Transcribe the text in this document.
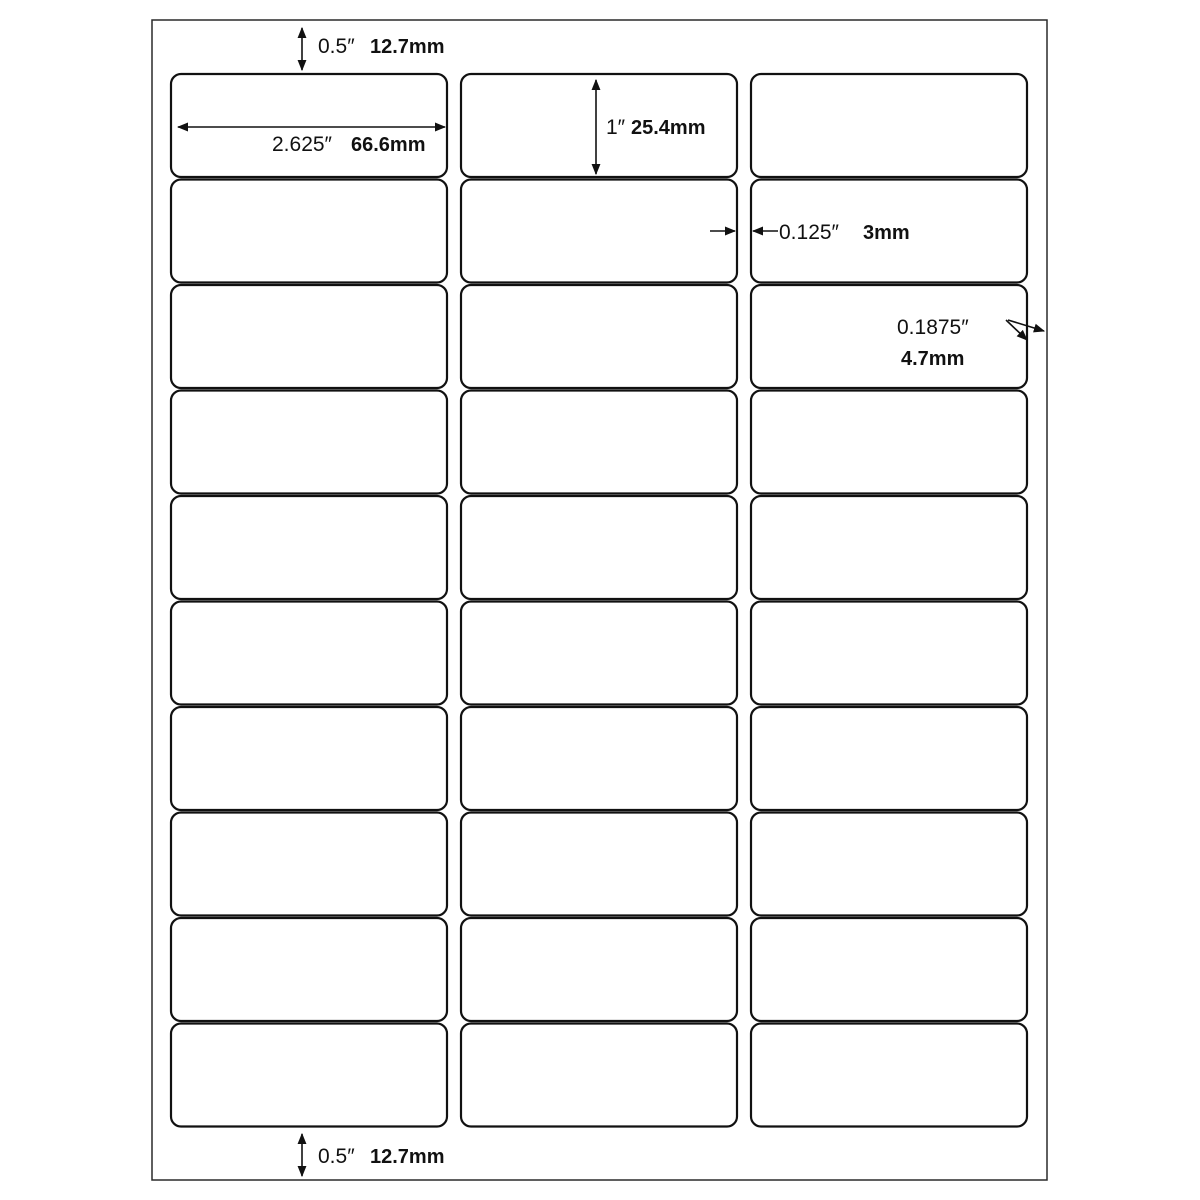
0.5″ 12.7mm
2.625″ 66.6mm
1″ 25.4mm
0.125″ 3mm
0.1875″
4.7mm
0.5″ 12.7mm
